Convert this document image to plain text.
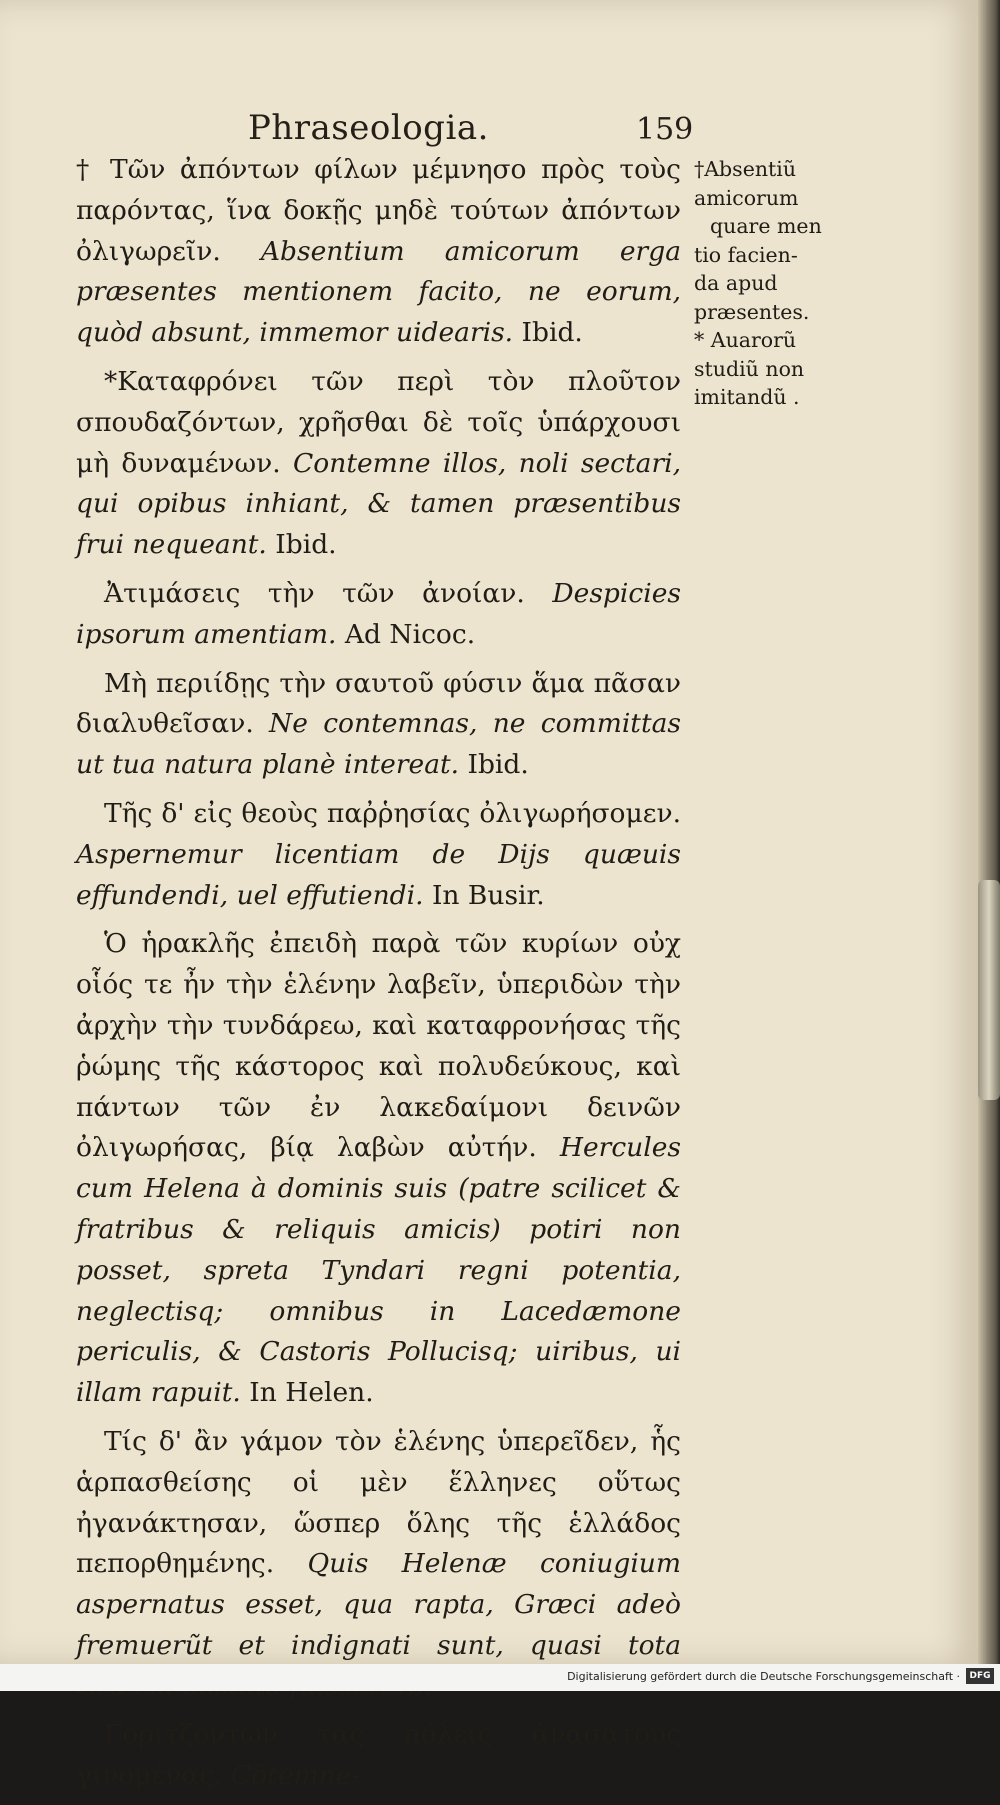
Phraseologia.	159

† Τῶν ἀπόντων φίλων μέμνησο πρὸς τοὺς παρόντας, ἵνα δοκῇς μηδὲ τούτων ἀπόντων ὀλιγωρεῖν. Absentium amicorum erga præsentes mentionem facito, ne eorum, quòd absunt, immemor uidearis. Ibid.

*Καταφρόνει τῶν περὶ τὸν πλοῦτον σπουδαζόντων, χρῆσθαι δὲ τοῖς ὑπάρχουσι μὴ δυναμένων. Contemne illos, noli sectari, qui opibus inhiant, & tamen præsentibus frui nequeant. Ibid.

Ἀτιμάσεις τὴν τῶν ἀνοίαν. Despicies ipsorum amentiam. Ad Nicoc.

Μὴ περιίδῃς τὴν σαυτοῦ φύσιν ἅμα πᾶσαν διαλυθεῖσαν. Ne contemnas, ne committas ut tua natura planè intereat. Ibid.

Τῆς δ' εἰς θεοὺς παῤῥησίας ὀλιγωρήσομεν. Aspernemur licentiam de Dijs quæuis effundendi, uel effutiendi. In Busir.

Ὁ ἡρακλῆς ἐπειδὴ παρὰ τῶν κυρίων οὐχ οἷός τε ἦν τὴν ἑλένην λαβεῖν, ὑπεριδὼν τὴν ἀρχὴν τὴν τυνδάρεω, καὶ καταφρονήσας τῆς ῥώμης τῆς κάστορος καὶ πολυδεύκους, καὶ πάντων τῶν ἐν λακεδαίμονι δεινῶν ὀλιγωρήσας, βίᾳ λαβὼν αὐτήν. Hercules cum Helena à dominis suis (patre scilicet & fratribus & reliquis amicis) potiri non posset, spreta Tyndari regni potentia, neglectisq; omnibus in Lacedæmone periculis, & Castoris Pollucisq; uiribus, ui illam rapuit. In Helen.

Τίς δ' ἂν γάμον τὸν ἑλένης ὑπερεῖδεν, ἧς ἁρπασθείσης οἱ μὲν ἕλληνες οὕτως ἠγανάκτησαν, ὥσπερ ὅλης τῆς ἑλλάδος πεπορθημένης. Quis Helenæ coniugium aspernatus esset, qua rapta, Græci adeò fremuerũt et indignati sunt, quasi tota

Γοριτζόντων τὰς πόλεις ἀνασάτους γινομένας. Cōtemne-

†Absentiũ
amicorum
quare men
tio facien-
da apud
præsentes.
* Auarorũ
studiũ non
imitandũ .
Digitalisierung gefördert durch die Deutsche Forschungsgemeinschaft ·	DFG
